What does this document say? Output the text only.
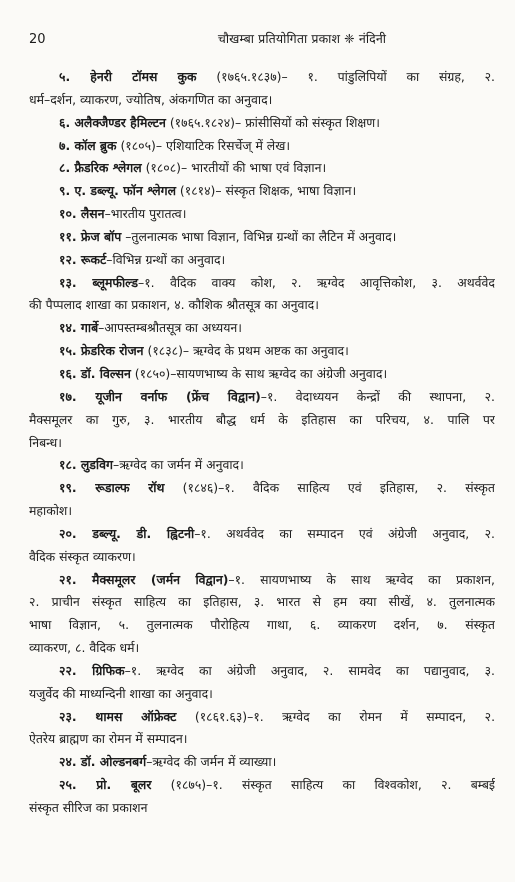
20	चौखम्बा प्रतियोगिता प्रकाश ❈ नंदिनी
५. हेनरी टॉमस कुक (१७६५.१८३७)– १. पांडुलिपियों का संग्रह, २.
धर्म–दर्शन, व्याकरण, ज्योतिष, अंकगणित का अनुवाद।
६. अलैक्जैण्डर हैमिल्टन (१७६५.१८२४)– फ्रांसीसियों को संस्कृत शिक्षण।
७. कॉल ब्रुक (१८०५)– एशियाटिक रिसर्चेज् में लेख।
८. फ्रैडरिक श्लेगल (१८०८)– भारतीयों की भाषा एवं विज्ञान।
९. ए. डब्ल्यू. फॉन श्लेगल (१८१४)– संस्कृत शिक्षक, भाषा विज्ञान।
१०. लैसन–भारतीय पुरातत्व।
११. फ्रेज बॉप –तुलनात्मक भाषा विज्ञान, विभिन्न ग्रन्थों का लैटिन में अनुवाद।
१२. रूकर्ट–विभिन्न ग्रन्थों का अनुवाद।
१३. ब्लूमफील्ड–१. वैदिक वाक्य कोश, २. ऋग्वेद आवृत्तिकोश, ३. अथर्ववेद
की पैप्पलाद शाखा का प्रकाशन, ४. कौशिक श्रौतसूत्र का अनुवाद।
१४. गार्बे–आपस्तम्बश्रौतसूत्र का अध्ययन।
१५. फ्रेडरिक रोजन (१८३८)– ऋग्वेद के प्रथम अष्टक का अनुवाद।
१६. डॉ. विल्सन (१८५०)–सायणभाष्य के साथ ऋग्वेद का अंग्रेजी अनुवाद।
१७. यूजीन वर्नाफ (फ्रेंच विद्वान)–१. वेदाध्ययन केन्द्रों की स्थापना, २.
मैक्समूलर का गुरु, ३. भारतीय बौद्ध धर्म के इतिहास का परिचय, ४. पालि पर
निबन्ध।
१८. लुडविग–ऋग्वेद का जर्मन में अनुवाद।
१९. रूडाल्फ रॉथ (१८४६)–१. वैदिक साहित्य एवं इतिहास, २. संस्कृत
महाकोश।
२०. डब्ल्यू. डी. ह्विटनी–१. अथर्ववेद का सम्पादन एवं अंग्रेजी अनुवाद, २.
वैदिक संस्कृत व्याकरण।
२१. मैक्समूलर (जर्मन विद्वान)–१. सायणभाष्य के साथ ऋग्वेद का प्रकाशन,
२. प्राचीन संस्कृत साहित्य का इतिहास, ३. भारत से हम क्या सीखें, ४. तुलनात्मक
भाषा विज्ञान, ५. तुलनात्मक पौरोहित्य गाथा, ६. व्याकरण दर्शन, ७. संस्कृत
व्याकरण, ८. वैदिक धर्म।
२२. ग्रिफिक–१. ऋग्वेद का अंग्रेजी अनुवाद, २. सामवेद का पद्यानुवाद, ३.
यजुर्वेद की माध्यन्दिनी शाखा का अनुवाद।
२३. थामस ऑफ्रेक्ट (१८६१.६३)–१. ऋग्वेद का रोमन में सम्पादन, २.
ऐतरेय ब्राह्मण का रोमन में सम्पादन।
२४. डॉ. ओल्डनबर्ग–ऋग्वेद की जर्मन में व्याख्या।
२५. प्रो. बूलर (१८७५)–१. संस्कृत साहित्य का विश्वकोश, २. बम्बई
संस्कृत सीरिज का प्रकाशन
